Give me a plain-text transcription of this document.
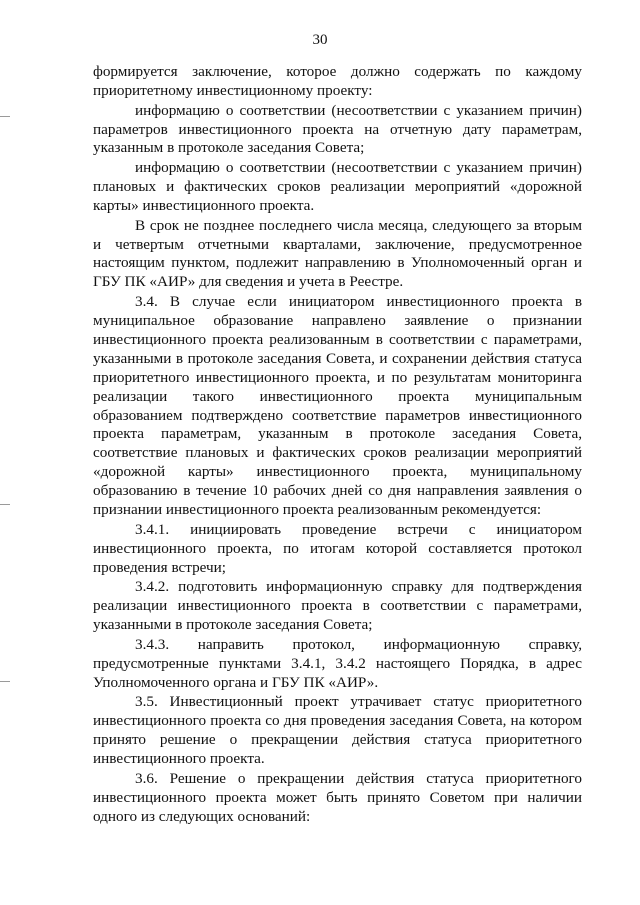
30

формируется заключение, которое должно содержать по каждому приоритетному инвестиционному проекту:

информацию о соответствии (несоответствии с указанием причин) параметров инвестиционного проекта на отчетную дату параметрам, указанным в протоколе заседания Совета;

информацию о соответствии (несоответствии с указанием причин) плановых и фактических сроков реализации мероприятий «дорожной карты» инвестиционного проекта.

В срок не позднее последнего числа месяца, следующего за вторым и четвертым отчетными кварталами, заключение, предусмотренное настоящим пунктом, подлежит направлению в Уполномоченный орган и ГБУ ПК «АИР» для сведения и учета в Реестре.

3.4. В случае если инициатором инвестиционного проекта в муниципальное образование направлено заявление о признании инвестиционного проекта реализованным в соответствии с параметрами, указанными в протоколе заседания Совета, и сохранении действия статуса приоритетного инвестиционного проекта, и по результатам мониторинга реализации такого инвестиционного проекта муниципальным образованием подтверждено соответствие параметров инвестиционного проекта параметрам, указанным в протоколе заседания Совета, соответствие плановых и фактических сроков реализации мероприятий «дорожной карты» инвестиционного проекта, муниципальному образованию в течение 10 рабочих дней со дня направления заявления о признании инвестиционного проекта реализованным рекомендуется:

3.4.1. инициировать проведение встречи с инициатором инвестиционного проекта, по итогам которой составляется протокол проведения встречи;

3.4.2. подготовить информационную справку для подтверждения реализации инвестиционного проекта в соответствии с параметрами, указанными в протоколе заседания Совета;

3.4.3. направить протокол, информационную справку, предусмотренные пунктами 3.4.1, 3.4.2 настоящего Порядка, в адрес Уполномоченного органа и ГБУ ПК «АИР».

3.5. Инвестиционный проект утрачивает статус приоритетного инвестиционного проекта со дня проведения заседания Совета, на котором принято решение о прекращении действия статуса приоритетного инвестиционного проекта.

3.6. Решение о прекращении действия статуса приоритетного инвестиционного проекта может быть принято Советом при наличии одного из следующих оснований:
